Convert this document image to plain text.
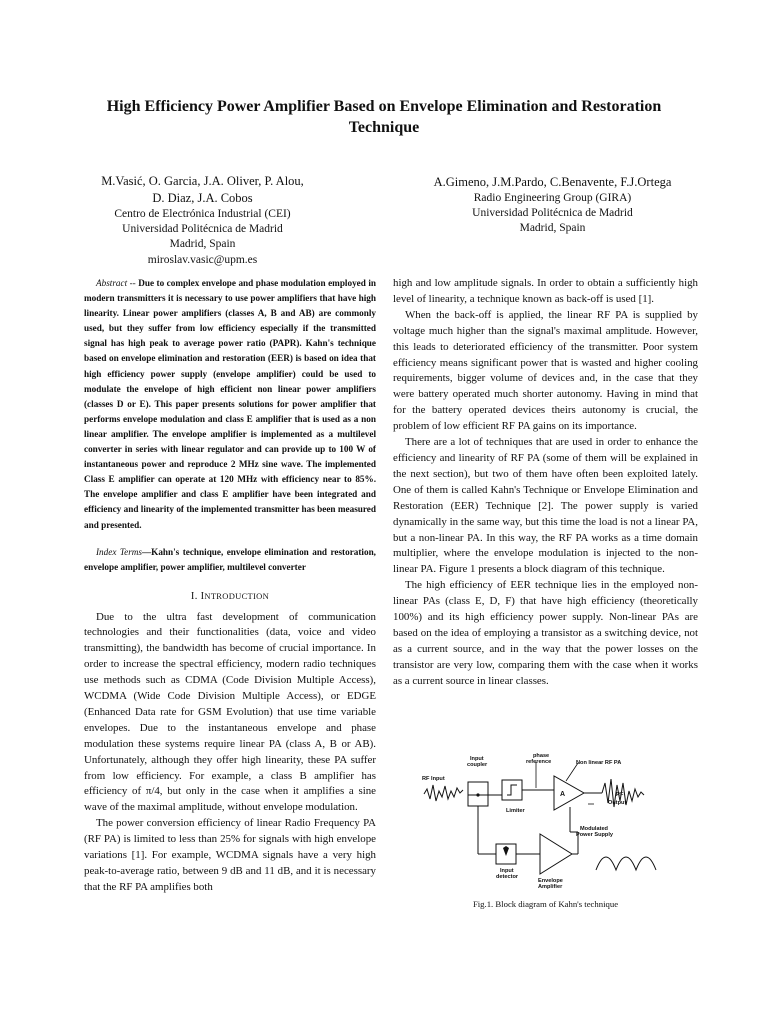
High Efficiency Power Amplifier Based on Envelope Elimination and Restoration
Technique
M.Vasić, O. Garcia, J.A. Oliver, P. Alou,
D. Diaz, J.A. Cobos
Centro de Electrónica Industrial (CEI)
Universidad Politécnica de Madrid
Madrid, Spain
miroslav.vasic@upm.es
A.Gimeno, J.M.Pardo, C.Benavente, F.J.Ortega
Radio Engineering Group (GIRA)
Universidad Politécnica de Madrid
Madrid, Spain
Abstract -- Due to complex envelope and phase modulation employed in modern transmitters it is necessary to use power amplifiers that have high linearity. Linear power amplifiers (classes A, B and AB) are commonly used, but they suffer from low efficiency especially if the transmitted signal has high peak to average power ratio (PAPR). Kahn's technique based on envelope elimination and restoration (EER) is based on idea that high efficiency power supply (envelope amplifier) could be used to modulate the envelope of high efficient non linear power amplifiers (classes D or E). This paper presents solutions for power amplifier that performs envelope modulation and class E amplifier that is used as a non linear amplifier. The envelope amplifier is implemented as a multilevel converter in series with linear regulator and can provide up to 100 W of instantaneous power and reproduce 2 MHz sine wave. The implemented Class E amplifier can operate at 120 MHz with efficiency near to 85%. The envelope amplifier and class E amplifier have been integrated and efficiency and linearity of the implemented transmitter has been measured and presented.
Index Terms—Kahn's technique, envelope elimination and restoration, envelope amplifier, power amplifier, multilevel converter
I. INTRODUCTION

Due to the ultra fast development of communication technologies and their functionalities (data, voice and video transmitting), the bandwidth has become of crucial importance. In order to increase the spectral efficiency, modern radio techniques use methods such as CDMA (Code Division Multiple Access), WCDMA (Wide Code Division Multiple Access), or EDGE (Enhanced Data rate for GSM Evolution) that use time variable envelopes. Due to the instantaneous envelope and phase modulation these systems require linear PA (class A, B or AB). Unfortunately, although they offer high linearity, these PA suffer from low efficiency. For example, a class B amplifier has efficiency of π/4, but only in the case when it amplifies a sine wave of the maximal amplitude, without envelope modulation.

The power conversion efficiency of linear Radio Frequency PA (RF PA) is limited to less than 25% for signals with high envelope variations [1]. For example, WCDMA signals have a very high peak-to-average ratio, between 9 dB and 11 dB, and it is necessary that the RF PA amplifies both

high and low amplitude signals. In order to obtain a sufficiently high level of linearity, a technique known as back-off is used [1].

When the back-off is applied, the linear RF PA is supplied by voltage much higher than the signal's maximal amplitude. However, this leads to deteriorated efficiency of the transmitter. Poor system efficiency means significant power that is wasted and higher cooling requirements, bigger volume of devices and, in the case that they were battery operated much shorter autonomy. Having in mind that for the battery operated devices theirs autonomy is crucial, the problem of low efficient RF PA gains on its importance.

There are a lot of techniques that are used in order to enhance the efficiency and linearity of RF PA (some of them will be explained in the next section), but two of them have often been exploited lately. One of them is called Kahn's Technique or Envelope Elimination and Restoration (EER) Technique [2]. The power supply is varied dynamically in the same way, but this time the load is not a linear PA, but a non-linear PA. In this way, the RF PA works as a time domain multiplier, where the envelope modulation is injected to the non-linear PA. Figure 1 presents a block diagram of this technique.

The high efficiency of EER technique lies in the employed non-linear PAs (class E, D, F) that have high efficiency (theoretically 100%) and its high efficiency power supply. Non-linear PAs are based on the idea of employing a transistor as a switching device, not as a current source, and in the way that the power losses on the transistor are very low, comparing them with the case when it works as a current source in linear classes.

Input
coupler
phase
reference	Non linear RF PA
RF Input
Limiter
A	RF
Output
Modulated
Power Supply
Input
detector
Envelope
Amplifier
Fig.1. Block diagram of Kahn's technique
